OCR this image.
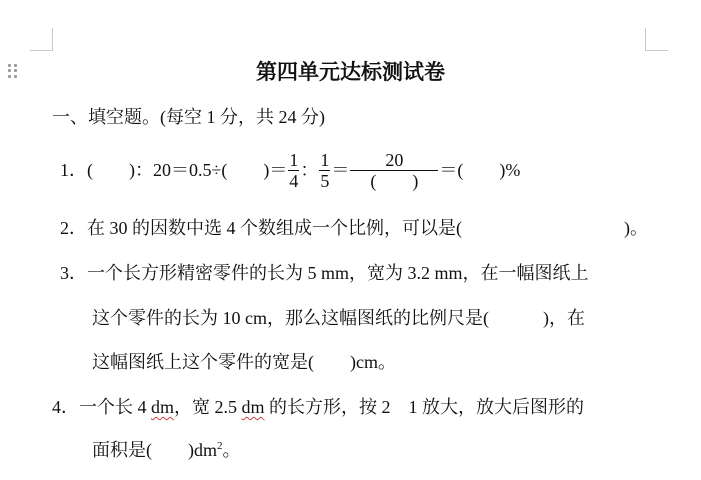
第四单元达标测试卷
一、填空题。(每空 1 分，共 24 分)
1． (　　)：20＝0.5÷(　　)＝ $\frac{1}{4}$ ： $\frac{1}{5} = \frac{20}{( )}$ ＝(　　)%
2．在 30 的因数中选 4 个数组成一个比例，可以是(　　　　　　　　　)。
3．一个长方形精密零件的长为 5 mm，宽为 3.2 mm，在一幅图纸上
这个零件的长为 10 cm，那么这幅图纸的比例尺是(　　　)，在
这幅图纸上这个零件的宽是(　　)cm。
4．一个长 4 dm，宽 2.5 dm 的长方形，按 2　1 放大，放大后图形的
面积是(　　)$dm^2$。
